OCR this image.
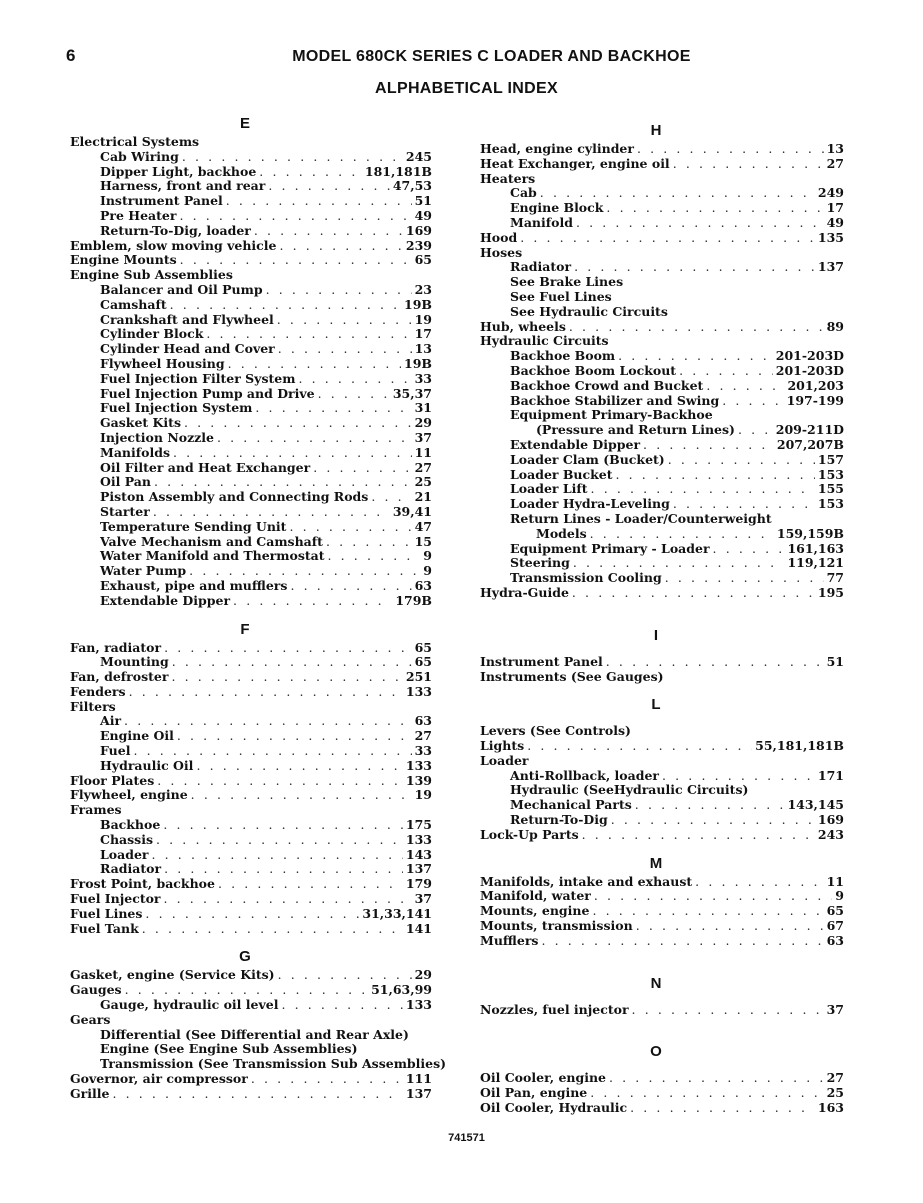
6	MODEL 680CK SERIES C LOADER AND BACKHOE
ALPHABETICAL INDEX
E
Electrical Systems
Cab Wiring . . .	245
Dipper Light, backhoe . . .	181,181B
Harness, front and rear . . .	47,53
Instrument Panel . . .	51
Pre Heater . . .	49
Return-To-Dig, loader . . .	169
Emblem, slow moving vehicle . . .	239
Engine Mounts . . .	65
Engine Sub Assemblies
Balancer and Oil Pump . . .	23
Camshaft . . .	19B
Crankshaft and Flywheel . . .	19
Cylinder Block . . .	17
Cylinder Head and Cover . . .	13
Flywheel Housing . . .	19B
Fuel Injection Filter System . . .	33
Fuel Injection Pump and Drive . . .	35,37
Fuel Injection System . . .	31
Gasket Kits . . .	29
Injection Nozzle . . .	37
Manifolds . . .	11
Oil Filter and Heat Exchanger . . .	27
Oil Pan . . .	25
Piston Assembly and Connecting Rods . . .	21
Starter . . .	39,41
Temperature Sending Unit . . .	47
Valve Mechanism and Camshaft . . .	15
Water Manifold and Thermostat . . .	9
Water Pump . . .	9
Exhaust, pipe and mufflers . . .	63
Extendable Dipper . . .	179B
F
Fan, radiator . . .	65
Mounting . . .	65
Fan, defroster . . .	251
Fenders . . .	133
Filters
Air . . .	63
Engine Oil . . .	27
Fuel . . .	33
Hydraulic Oil . . .	133
Floor Plates . . .	139
Flywheel, engine . . .	19
Frames
Backhoe . . .	175
Chassis . . .	133
Loader . . .	143
Radiator . . .	137
Frost Point, backhoe . . .	179
Fuel Injector . . .	37
Fuel Lines . . .	31,33,141
Fuel Tank . . .	141
G
Gasket, engine (Service Kits) . . .	29
Gauges . . .	51,63,99
Gauge, hydraulic oil level . . .	133
Gears
Differential (See Differential and Rear Axle)
Engine (See Engine Sub Assemblies)
Transmission (See Transmission Sub Assemblies)
Governor, air compressor . . .	111
Grille . . .	137
H
Head, engine cylinder . . .	13
Heat Exchanger, engine oil . . .	27
Heaters
Cab . . .	249
Engine Block . . .	17
Manifold . . .	49
Hood . . .	135
Hoses
Radiator . . .	137
See Brake Lines
See Fuel Lines
See Hydraulic Circuits
Hub, wheels . . .	89
Hydraulic Circuits
Backhoe Boom . . .	201-203D
Backhoe Boom Lockout . . .	201-203D
Backhoe Crowd and Bucket . . .	201,203
Backhoe Stabilizer and Swing . . .	197-199
Equipment Primary-Backhoe
(Pressure and Return Lines) . . .	209-211D
Extendable Dipper . . .	207,207B
Loader Clam (Bucket) . . .	157
Loader Bucket . . .	153
Loader Lift . . .	155
Loader Hydra-Leveling . . .	153
Return Lines - Loader/Counterweight
Models . . .	159,159B
Equipment Primary - Loader . . .	161,163
Steering . . .	119,121
Transmission Cooling . . .	77
Hydra-Guide . . .	195
I
Instrument Panel . . .	51
Instruments (See Gauges)
L
Levers (See Controls)
Lights . . .	55,181,181B
Loader
Anti-Rollback, loader . . .	171
Hydraulic (SeeHydraulic Circuits)
Mechanical Parts . . .	143,145
Return-To-Dig . . .	169
Lock-Up Parts . . .	243
M
Manifolds, intake and exhaust . . .	11
Manifold, water . . .	9
Mounts, engine . . .	65
Mounts, transmission . . .	67
Mufflers . . .	63
N
Nozzles, fuel injector . . .	37
O
Oil Cooler, engine . . .	27
Oil Pan, engine . . .	25
Oil Cooler, Hydraulic . . .	163
741571
